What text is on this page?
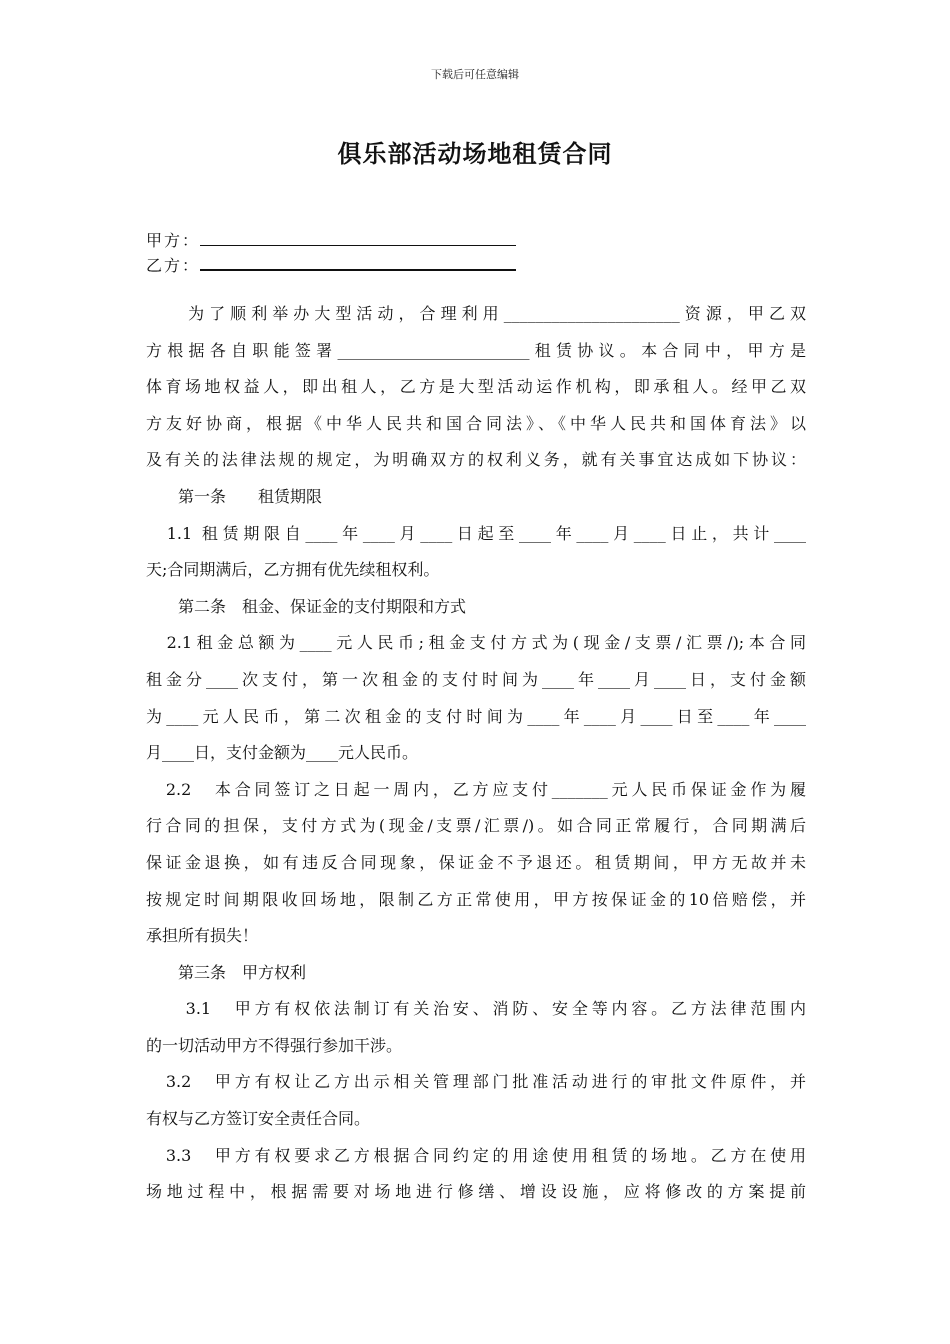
下载后可任意编辑
俱乐部活动场地租赁合同
甲方：
乙方：
　　为了顺利举办大型活动，合理利用______________________资源，甲乙双
方根据各自职能签署________________________租赁协议。本合同中，甲方是
体育场地权益人，即出租人，乙方是大型活动运作机构，即承租人。经甲乙双
方友好协商，根据《中华人民共和国合同法》、《中华人民共和国体育法》以
及有关的法律法规的规定，为明确双方的权利义务，就有关事宜达成如下协议：
　　第一条　　租赁期限
　1.1 租赁期限自____年____月____日起至____年____月____日止，共计____
天;合同期满后，乙方拥有优先续租权利。
　　第二条　租金、保证金的支付期限和方式
　2.1租金总额为____元人民币;租金支付方式为(现金/支票/汇票/);本合同
租金分____次支付，第一次租金的支付时间为____年____月____日，支付金额
为____元人民币，第二次租金的支付时间为____年____月____日至____年____
月____日，支付金额为____元人民币。
　2.2　本合同签订之日起一周内，乙方应支付_______元人民币保证金作为履
行合同的担保，支付方式为(现金/支票/汇票/)。如合同正常履行，合同期满后
保证金退换，如有违反合同现象，保证金不予退还。租赁期间，甲方无故并未
按规定时间期限收回场地，限制乙方正常使用，甲方按保证金的10倍赔偿，并
承担所有损失！
　　第三条　甲方权利
　　3.1　甲方有权依法制订有关治安、消防、安全等内容。乙方法律范围内
的一切活动甲方不得强行参加干涉。
　3.2　甲方有权让乙方出示相关管理部门批准活动进行的审批文件原件，并
有权与乙方签订安全责任合同。
　3.3　甲方有权要求乙方根据合同约定的用途使用租赁的场地。乙方在使用
场地过程中，根据需要对场地进行修缮、增设设施，应将修改的方案提前
